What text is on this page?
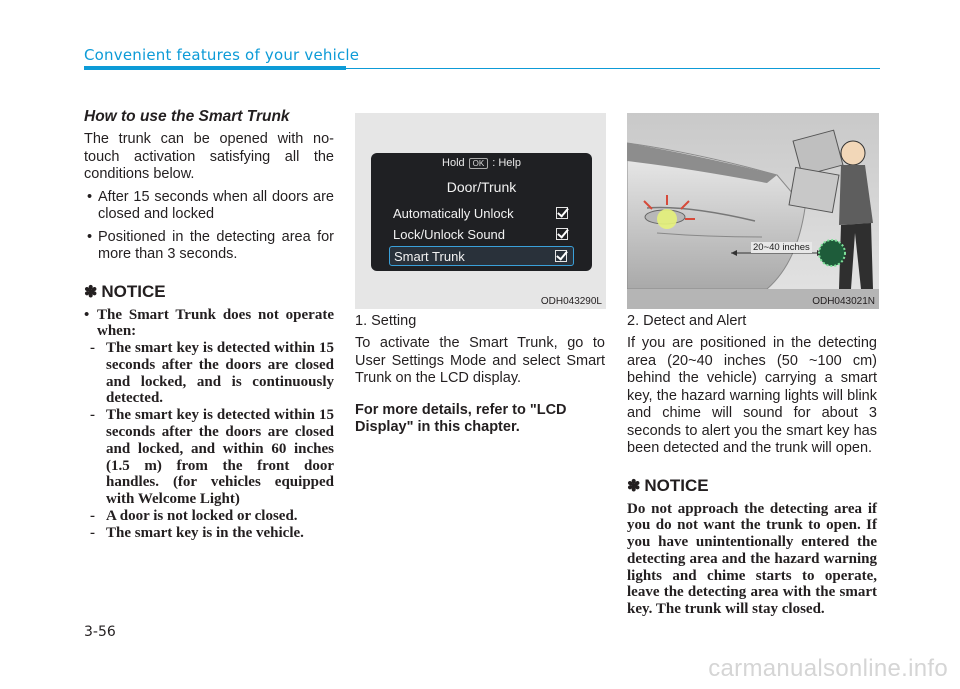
Convenient features of your vehicle
How to use the Smart Trunk
The trunk can be opened with no-touch activation satisfying all the conditions below.
• After 15 seconds when all doors are closed and locked
• Positioned in the detecting area for more than 3 seconds.
✽ NOTICE
• The Smart Trunk does not operate when:
- The smart key is detected within 15 seconds after the doors are closed and locked, and is continuously detected.
- The smart key is detected within 15 seconds after the doors are closed and locked, and within 60 inches (1.5 m) from the front door handles. (for vehicles equipped with Welcome Light)
- A door is not locked or closed.
- The smart key is in the vehicle.
Hold OK : Help
Door/Trunk
Automatically Unlock
Lock/Unlock Sound
Smart Trunk
ODH043290L
20~40 inches
ODH043021N
1. Setting
To activate the Smart Trunk, go to User Settings Mode and select Smart Trunk on the LCD display.
For more details, refer to "LCD Display" in this chapter.
2. Detect and Alert
If you are positioned in the detecting area (20~40 inches (50 ~100 cm) behind the vehicle) carrying a smart key, the hazard warning lights will blink and chime will sound for about 3 seconds to alert you the smart key has been detected and the trunk will open.
✽ NOTICE
Do not approach the detecting area if you do not want the trunk to open. If you have unintentionally entered the detecting area and the hazard warning lights and chime starts to operate, leave the detecting area with the smart key. The trunk will stay closed.
3-56
carmanualsonline.info
